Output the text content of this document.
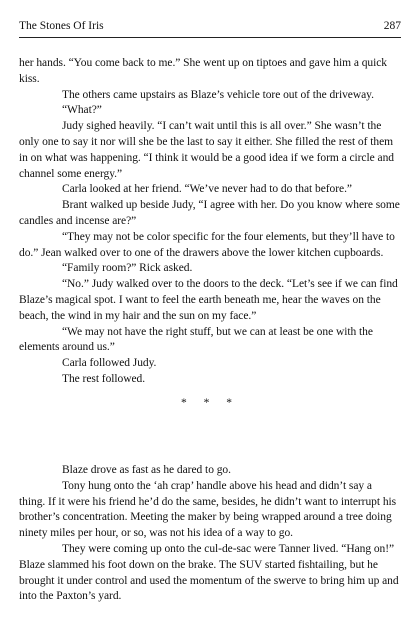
The Stones Of Iris	287

her hands. “You come back to me.” She went up on tiptoes and gave him a quick kiss.

The others came upstairs as Blaze’s vehicle tore out of the driveway.

“What?”

Judy sighed heavily. “I can’t wait until this is all over.” She wasn’t the only one to say it nor will she be the last to say it either. She filled the rest of them in on what was happening. “I think it would be a good idea if we form a circle and channel some energy.”

Carla looked at her friend. “We’ve never had to do that before.”

Brant walked up beside Judy, “I agree with her. Do you know where some candles and incense are?”

“They may not be color specific for the four elements, but they’ll have to do.” Jean walked over to one of the drawers above the lower kitchen cupboards.

“Family room?” Rick asked.

“No.” Judy walked over to the doors to the deck. “Let’s see if we can find Blaze’s magical spot. I want to feel the earth beneath me, hear the waves on the beach, the wind in my hair and the sun on my face.”

“We may not have the right stuff, but we can at least be one with the elements around us.”

Carla followed Judy.

The rest followed.

* * *

Blaze drove as fast as he dared to go.

Tony hung onto the ‘ah crap’ handle above his head and didn’t say a thing. If it were his friend he’d do the same, besides, he didn’t want to interrupt his brother’s concentration. Meeting the maker by being wrapped around a tree doing ninety miles per hour, or so, was not his idea of a way to go.

They were coming up onto the cul-de-sac were Tanner lived. “Hang on!” Blaze slammed his foot down on the brake. The SUV started fishtailing, but he brought it under control and used the momentum of the swerve to bring him up and into the Paxton’s yard.
